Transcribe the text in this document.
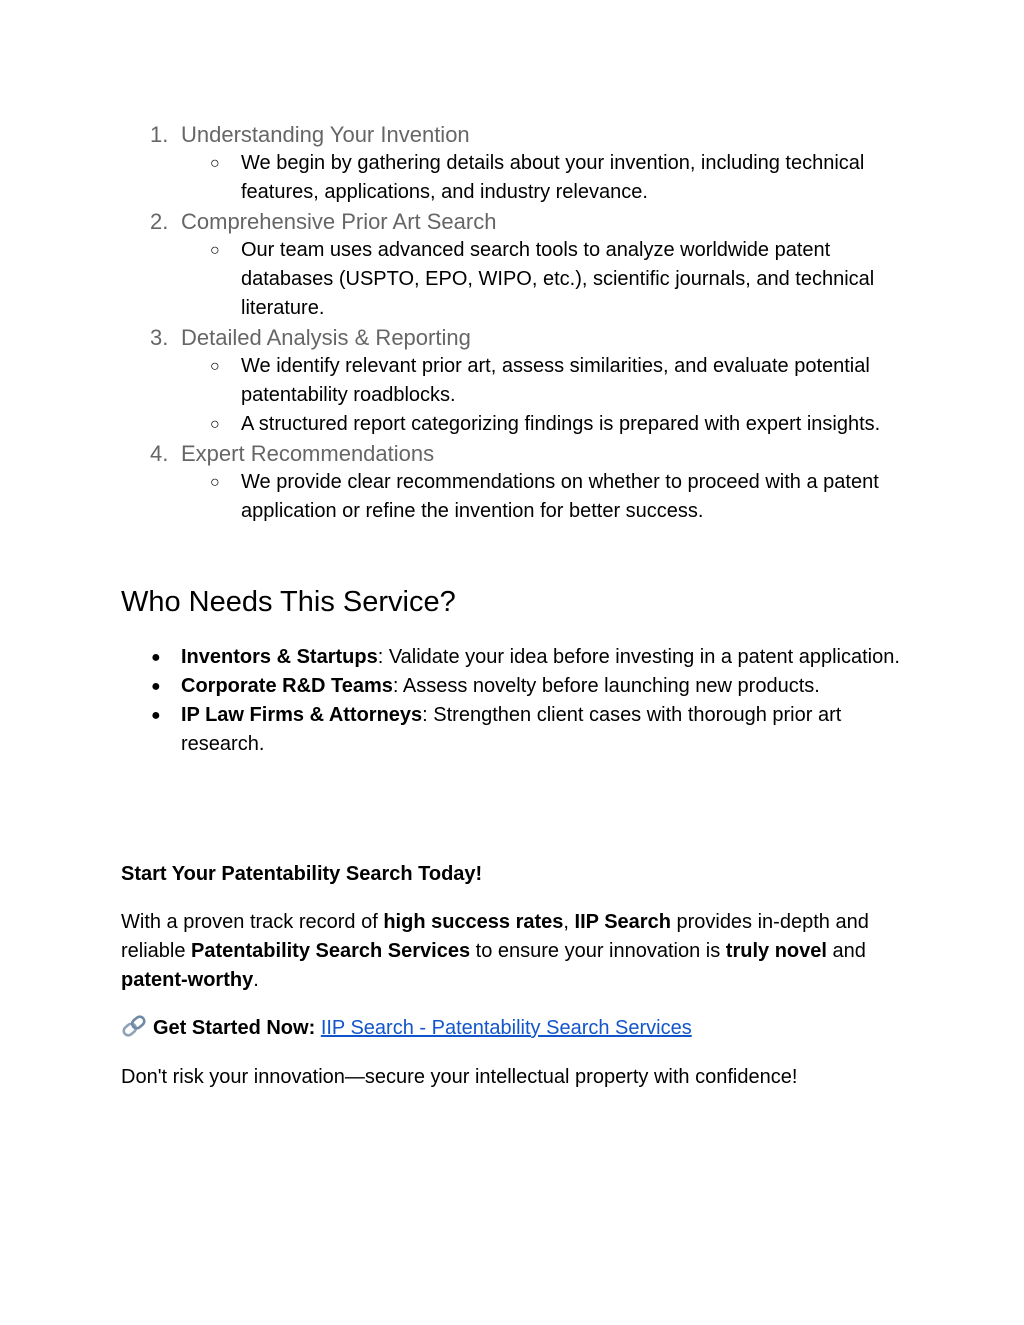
1. Understanding Your Invention
○ We begin by gathering details about your invention, including technical features, applications, and industry relevance.
2. Comprehensive Prior Art Search
○ Our team uses advanced search tools to analyze worldwide patent databases (USPTO, EPO, WIPO, etc.), scientific journals, and technical literature.
3. Detailed Analysis & Reporting
○ We identify relevant prior art, assess similarities, and evaluate potential patentability roadblocks.
○ A structured report categorizing findings is prepared with expert insights.
4. Expert Recommendations
○ We provide clear recommendations on whether to proceed with a patent application or refine the invention for better success.
Who Needs This Service?
● Inventors & Startups: Validate your idea before investing in a patent application.
● Corporate R&D Teams: Assess novelty before launching new products.
● IP Law Firms & Attorneys: Strengthen client cases with thorough prior art research.
Start Your Patentability Search Today!
With a proven track record of high success rates, IIP Search provides in-depth and reliable Patentability Search Services to ensure your innovation is truly novel and patent-worthy.
Get Started Now: IIP Search - Patentability Search Services
Don't risk your innovation—secure your intellectual property with confidence!
